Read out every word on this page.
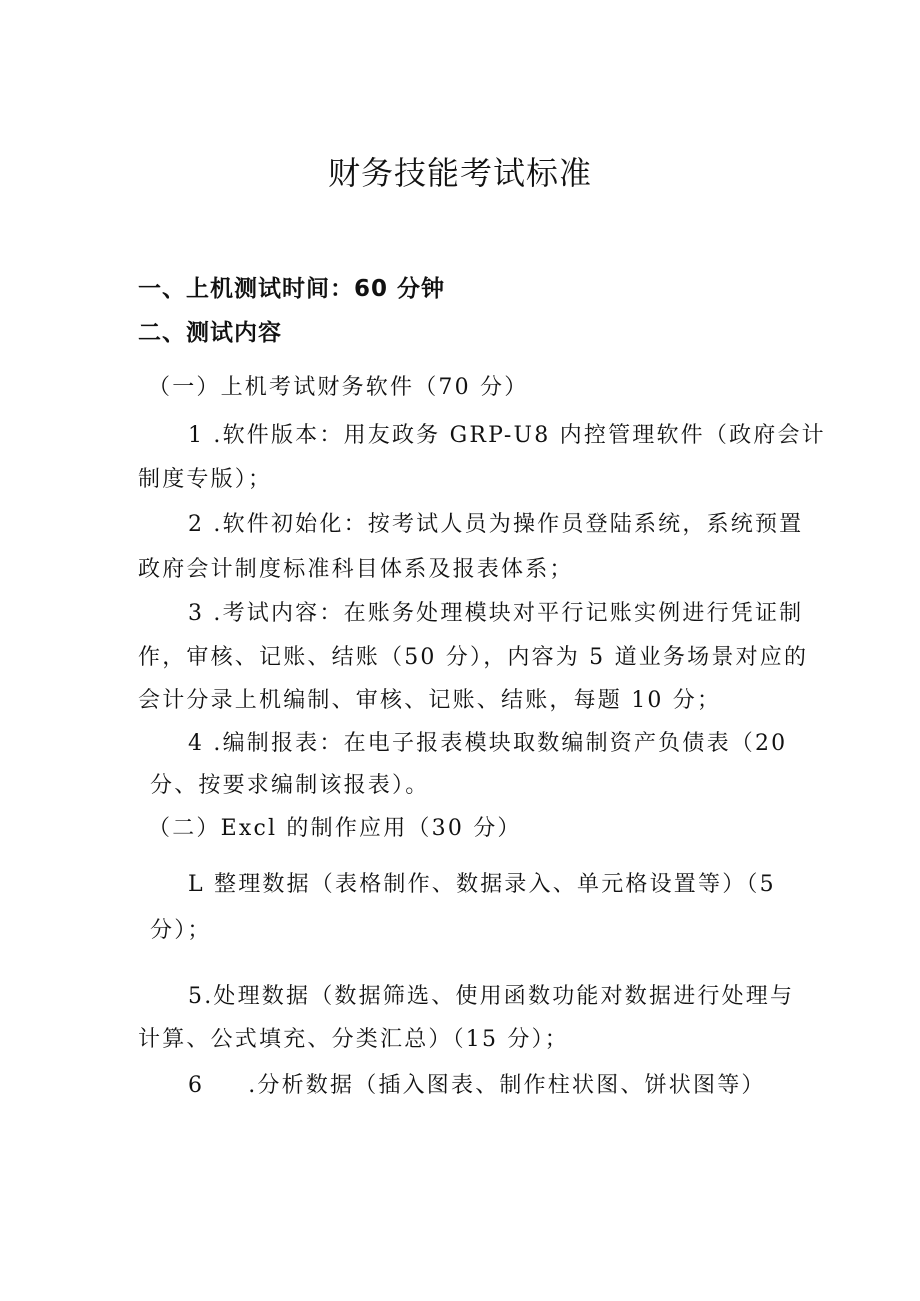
财务技能考试标准
一、上机测试时间：60 分钟
二、测试内容
（一）上机考试财务软件（70 分）
1 .软件版本：用友政务 GRP-U8 内控管理软件（政府会计
制度专版）；
2 .软件初始化：按考试人员为操作员登陆系统，系统预置
政府会计制度标准科目体系及报表体系；
3 .考试内容：在账务处理模块对平行记账实例进行凭证制
作，审核、记账、结账（50 分），内容为 5 道业务场景对应的
会计分录上机编制、审核、记账、结账，每题 10 分；
4 .编制报表：在电子报表模块取数编制资产负债表（20
分、按要求编制该报表）。
（二）Excl 的制作应用（30 分）
L 整理数据（表格制作、数据录入、单元格设置等）（5
分）；
5.处理数据（数据筛选、使用函数功能对数据进行处理与
计算、公式填充、分类汇总）（15 分）；
6 .分析数据（插入图表、制作柱状图、饼状图等）
